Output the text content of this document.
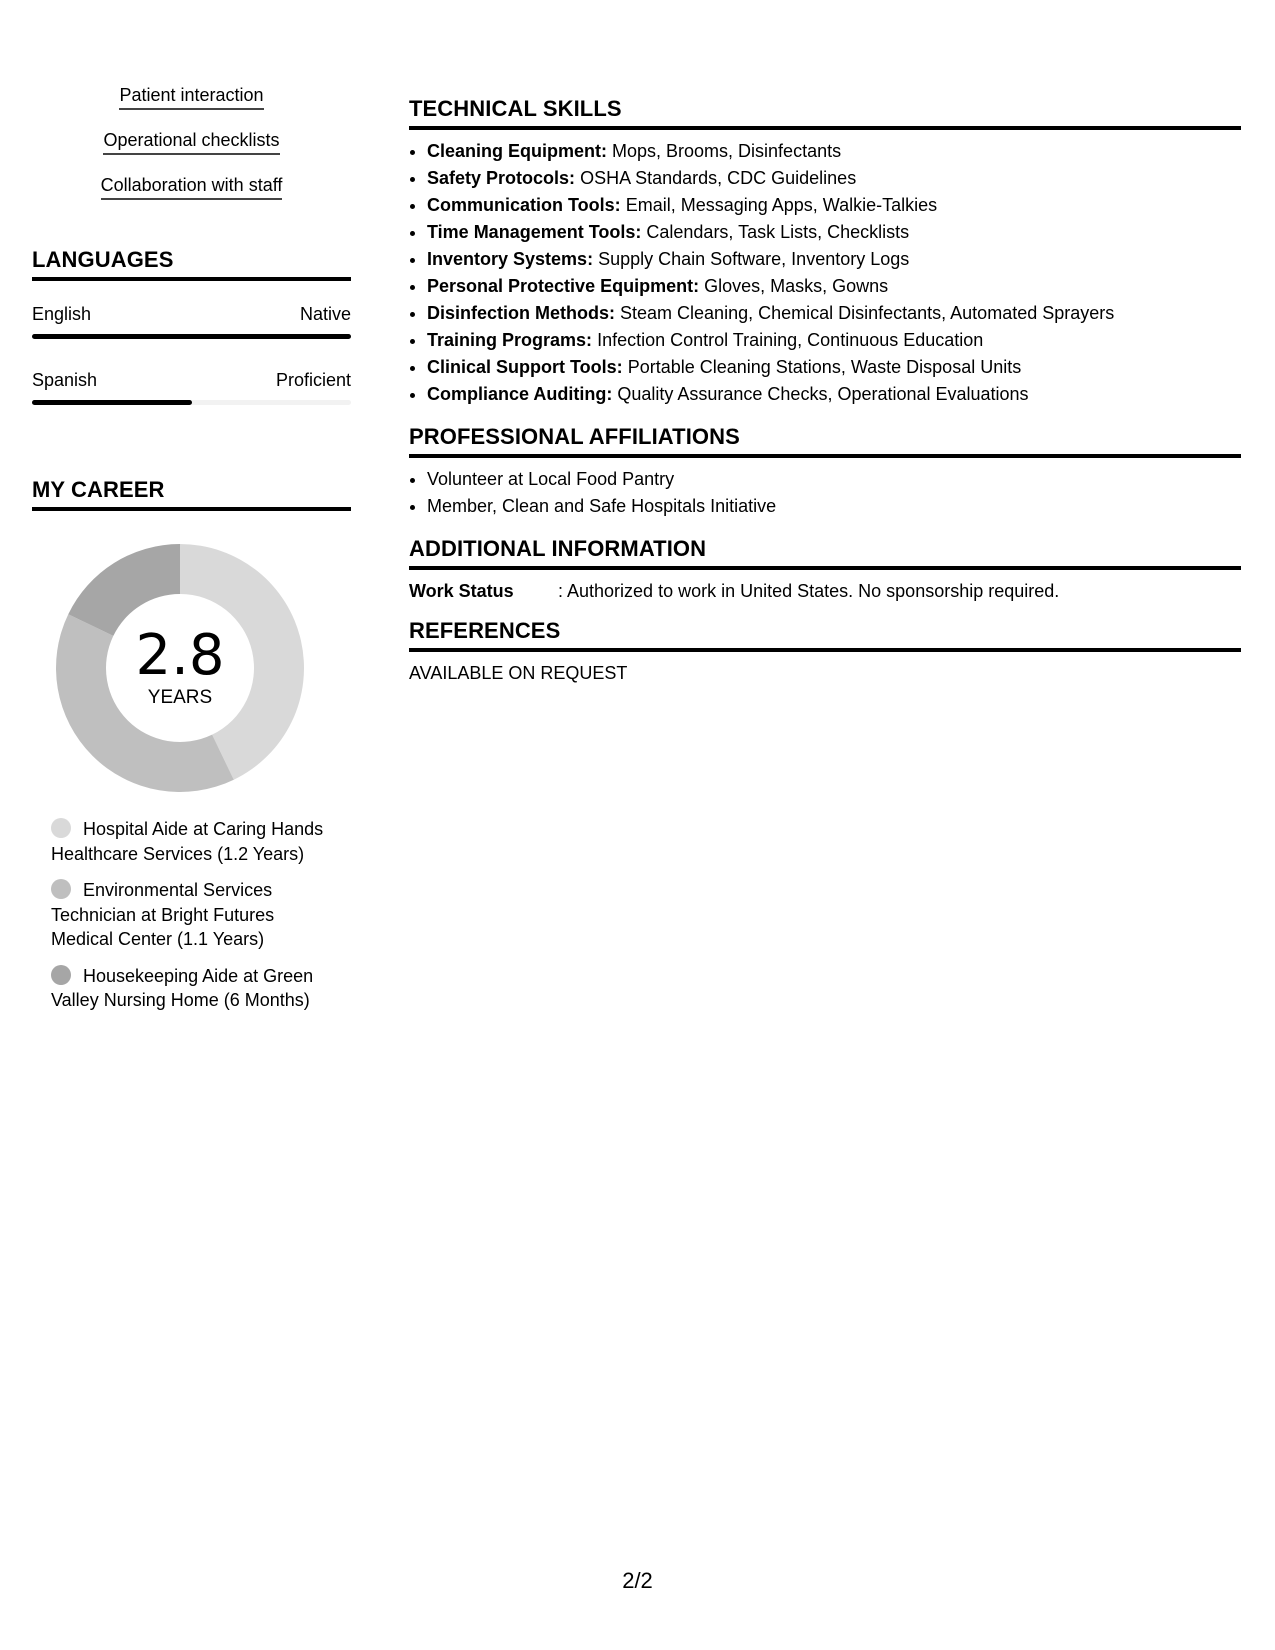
Patient interaction
Operational checklists
Collaboration with staff
LANGUAGES
English	Native
Spanish	Proficient
MY CAREER
2.8
YEARS
Hospital Aide at Caring Hands Healthcare Services (1.2 Years)
Environmental Services Technician at Bright Futures Medical Center (1.1 Years)
Housekeeping Aide at Green Valley Nursing Home (6 Months)
TECHNICAL SKILLS
• Cleaning Equipment: Mops, Brooms, Disinfectants
• Safety Protocols: OSHA Standards, CDC Guidelines
• Communication Tools: Email, Messaging Apps, Walkie-Talkies
• Time Management Tools: Calendars, Task Lists, Checklists
• Inventory Systems: Supply Chain Software, Inventory Logs
• Personal Protective Equipment: Gloves, Masks, Gowns
• Disinfection Methods: Steam Cleaning, Chemical Disinfectants, Automated Sprayers
• Training Programs: Infection Control Training, Continuous Education
• Clinical Support Tools: Portable Cleaning Stations, Waste Disposal Units
• Compliance Auditing: Quality Assurance Checks, Operational Evaluations
PROFESSIONAL AFFILIATIONS
• Volunteer at Local Food Pantry
• Member, Clean and Safe Hospitals Initiative
ADDITIONAL INFORMATION
Work Status	: Authorized to work in United States. No sponsorship required.
REFERENCES
AVAILABLE ON REQUEST
2/2
